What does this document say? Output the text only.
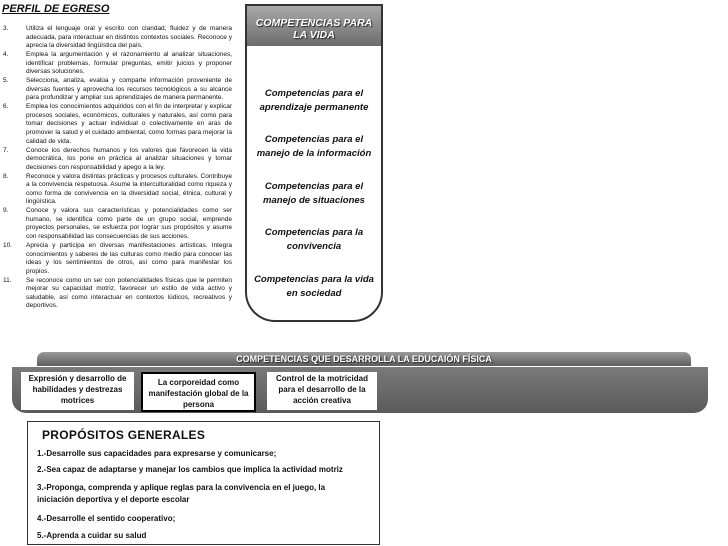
PERFIL DE EGRESO
3.	Utiliza el lenguaje oral y escrito con claridad, fluidez y de manera adecuada, para interactuar en distintos contextos sociales. Reconoce y aprecia la diversidad lingüística del país.
4.	Emplea la argumentación y el razonamiento al analizar situaciones, identificar problemas, formular preguntas, emitir juicios y proponer diversas soluciones.
5.	Selecciona, analiza, evalúa y comparte información proveniente de diversas fuentes y aprovecha los recursos tecnológicos a su alcance para profundizar y ampliar sus aprendizajes de manera permanente.
6.	Emplea los conocimientos adquiridos con el fin de interpretar y explicar procesos sociales, económicos, culturales y naturales, así como para tomar decisiones y actuar individual o colectivamente en aras de promover la salud y el cuidado ambiental, como formas para mejorar la calidad de vida.
7.	Conoce los derechos humanos y los valores que favorecen la vida democrática, los pone en práctica al analizar situaciones y tomar decisiones con responsabilidad y apego a la ley.
8.	Reconoce y valora distintas prácticas y procesos culturales. Contribuye a la convivencia respetuosa. Asume la interculturalidad como riqueza y como forma de convivencia en la diversidad social, étnica, cultural y lingüística.
9.	Conoce y valora sus características y potencialidades como ser humano, se identifica como parte de un grupo social, emprende proyectos personales, se esfuerza por lograr sus propósitos y asume con responsabilidad las consecuencias de sus acciones.
10. Aprecia y participa en diversas manifestaciones artísticas. Integra conocimientos y saberes de las culturas como medio para conocer las ideas y los sentimientos de otros, así como para manifestar los propios.
11. Se reconoce como un ser con potencialidades físicas que le permiten mejorar su capacidad motriz, favorecer un estilo de vida activo y saludable, así como interactuar en contextos lúdicos, recreativos y deportivos.
COMPETENCIAS PARA
LA VIDA
Competencias para el
aprendizaje permanente
Competencias para el
manejo de la información
Competencias para el
manejo de situaciones
Competencias para la
convivencia
Competencias para la vida
en sociedad
COMPETENCIAS QUE DESARROLLA LA EDUCAIÓN FÍSICA
Expresión y desarrollo de
habilidades y destrezas
motrices
La corporeidad como
manifestación global de la
persona
Control de la motricidad
para el desarrollo de la
acción creativa
PROPÓSITOS GENERALES
1.-Desarrolle sus capacidades para expresarse y comunicarse;
2.-Sea capaz de adaptarse y manejar los cambios que implica la actividad motriz
3.-Proponga, comprenda y aplique reglas para la convivencia en el juego, la
iniciación deportiva y el deporte escolar
4.-Desarrolle el sentido cooperativo;
5.-Aprenda a cuidar su salud
